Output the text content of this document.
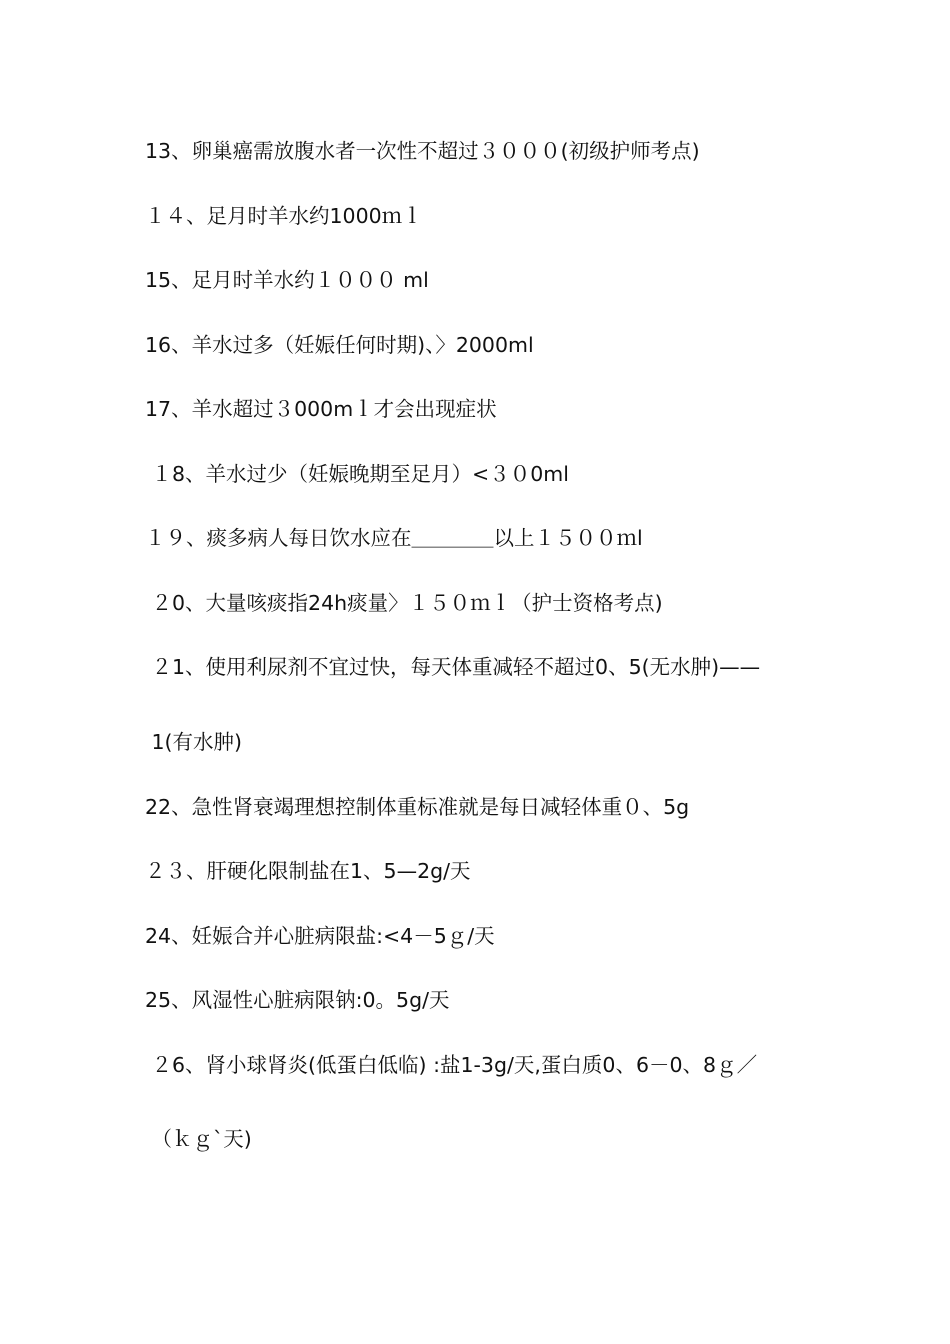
13、卵巢癌需放腹水者一次性不超过３０００(初级护师考点)
１４、足月时羊水约1000ｍｌ
15、足月时羊水约１０００ ml
16、羊水过多（妊娠任何时期)、〉2000ml
17、羊水超过３000mｌ才会出现症状
１8、羊水过少（妊娠晚期至足月）<３０0ml
１９、痰多病人每日饮水应在＿＿＿＿以上１５００ｍl
２0、大量咳痰指24h痰量〉１５０ｍｌ（护士资格考点)
２1、使用利尿剂不宜过快，每天体重减轻不超过0、5(无水肿)——
1(有水肿)
22、急性肾衰竭理想控制体重标准就是每日减轻体重０、5g
２３、肝硬化限制盐在1、5—2g/天
24、妊娠合并心脏病限盐:<4－5ｇ/天
25、风湿性心脏病限钠:0。5g/天
２6、肾小球肾炎(低蛋白低临) :盐1-3g/天,蛋白质0、6－0、8ｇ／
（ｋｇ`天)
